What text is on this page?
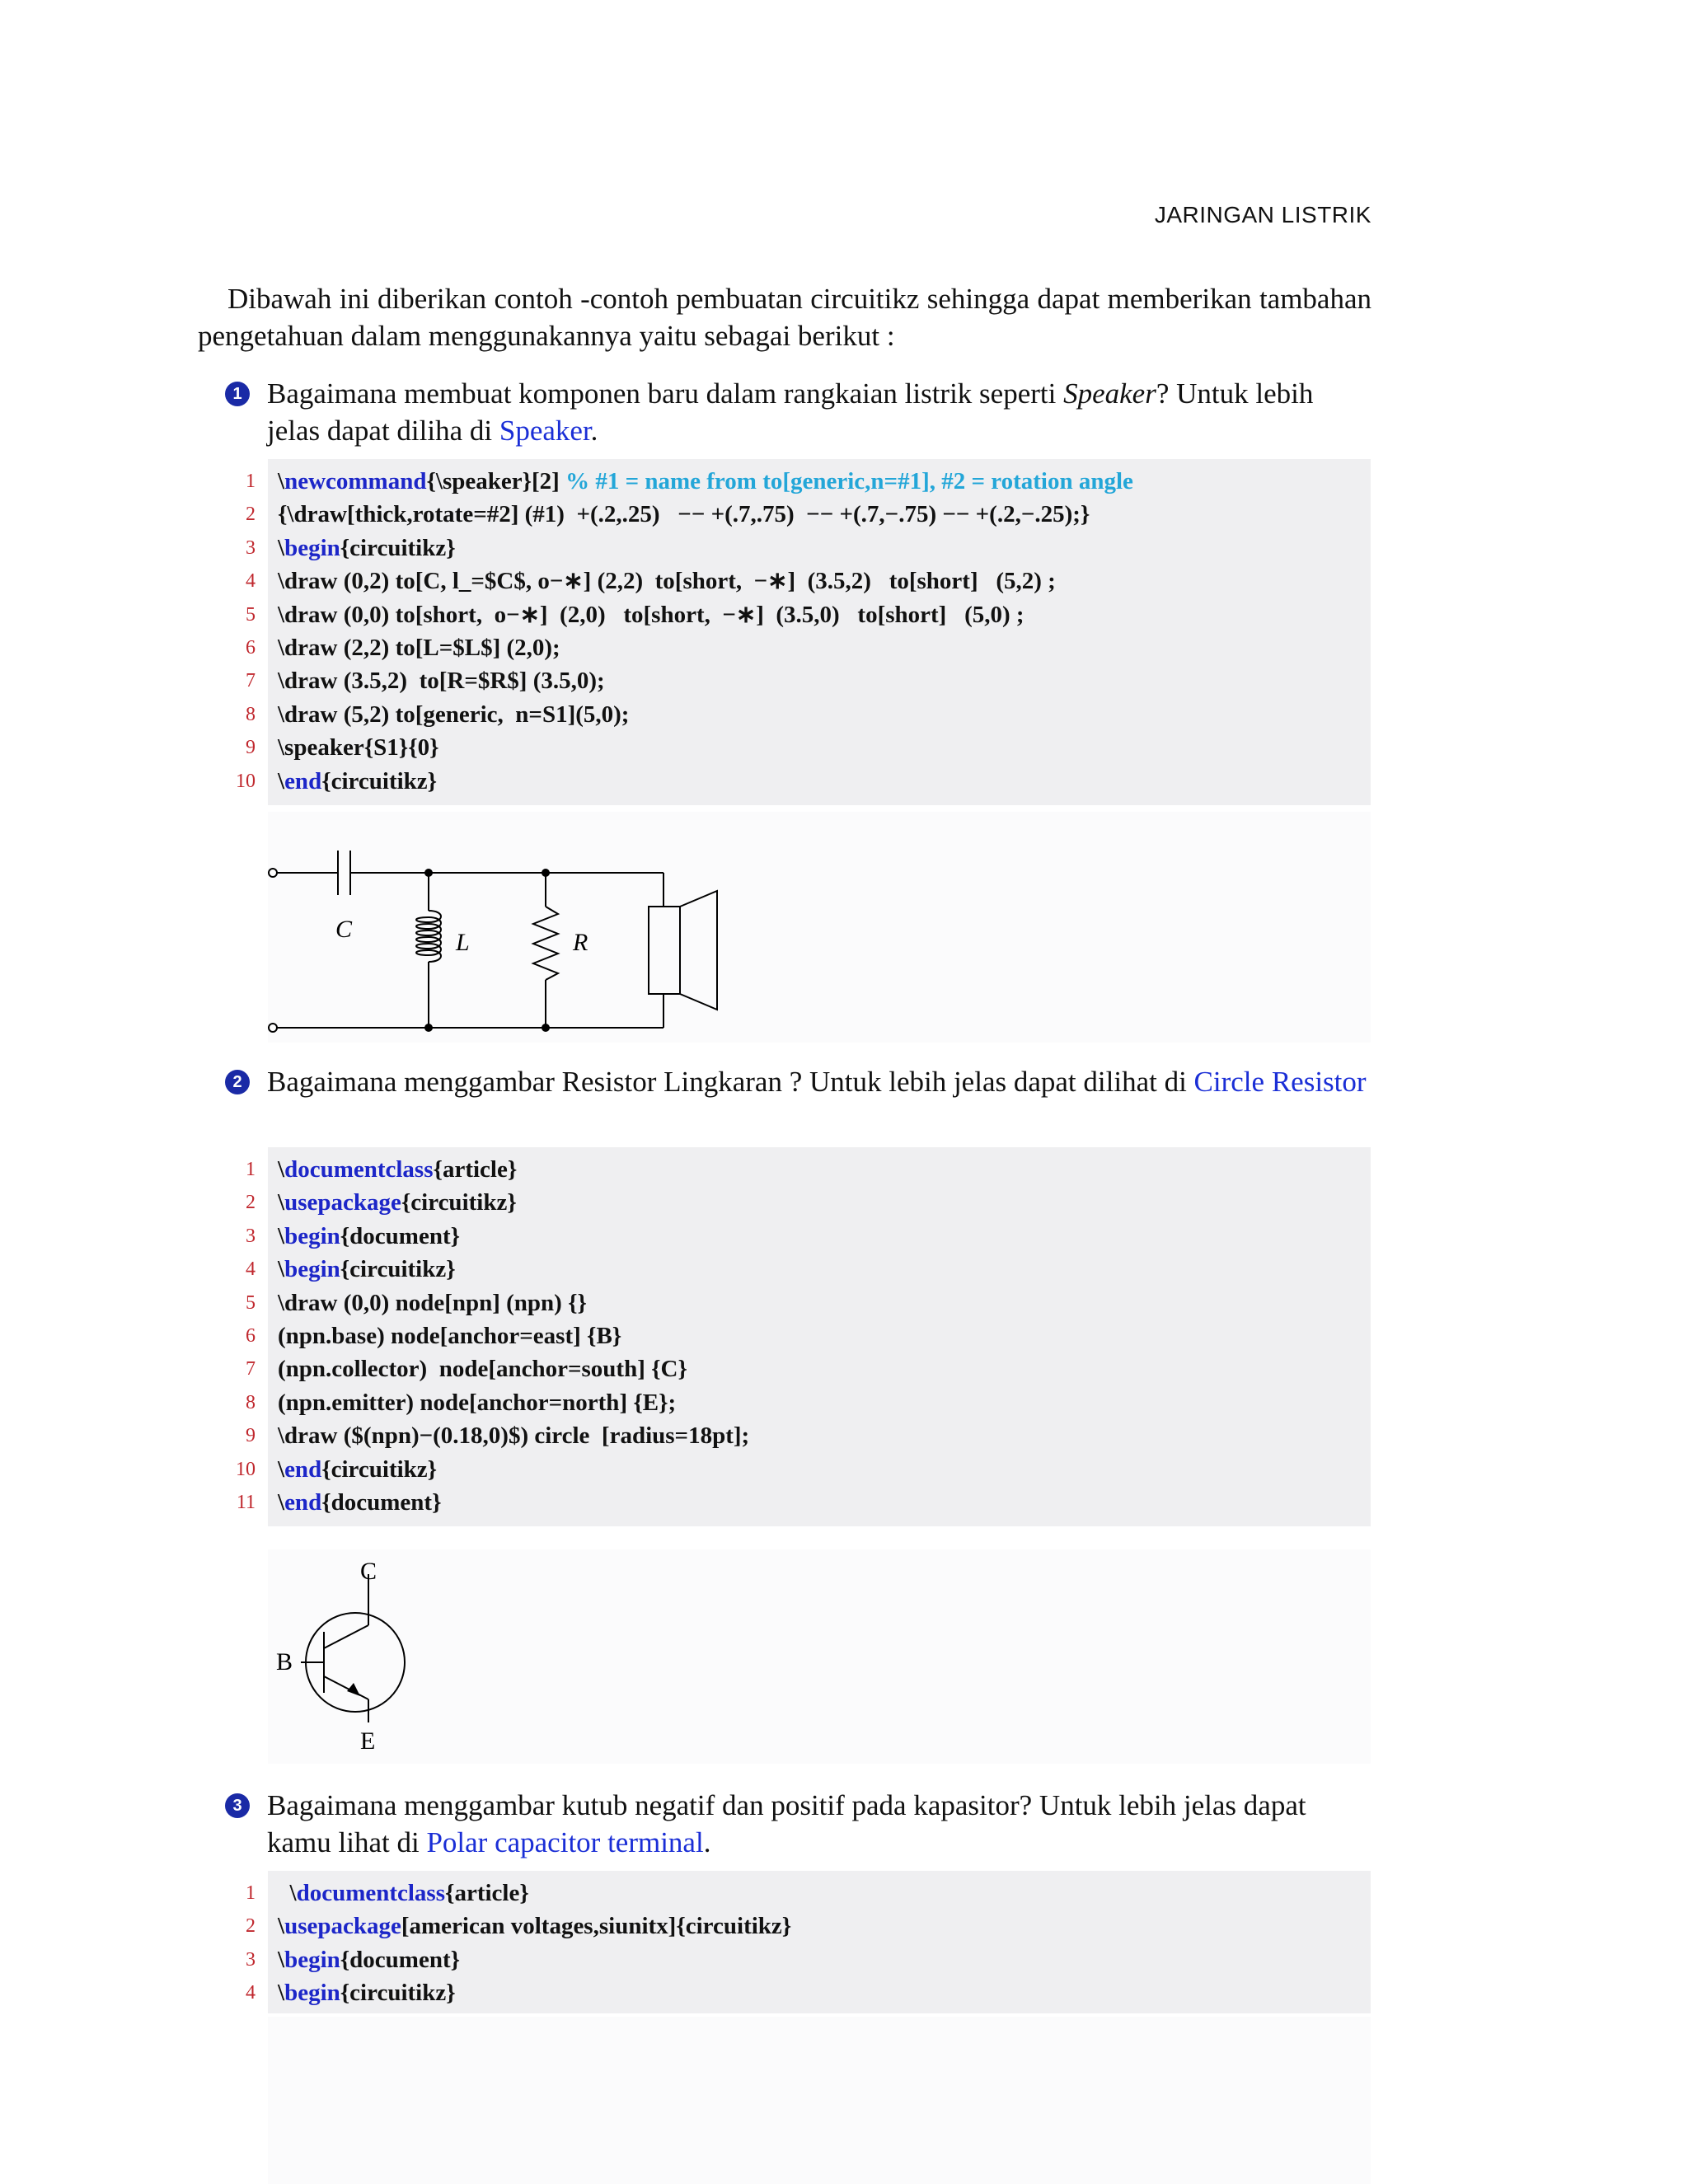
JARINGAN LISTRIK
Dibawah ini diberikan contoh -contoh pembuatan circuitikz sehingga dapat memberikan tambahan pengetahuan dalam menggunakannya yaitu sebagai berikut :
1 Bagaimana membuat komponen baru dalam rangkaian listrik seperti Speaker? Untuk lebih jelas dapat diliha di Speaker.
1 \newcommand{\speaker}[2] % #1 = name from to[generic,n=#1], #2 = rotation angle
2 {\draw[thick,rotate=#2] (#1)  +(.2,.25)   −− +(.7,.75)  −− +(.7,−.75) −− +(.2,−.25);}
3 \begin{circuitikz}
4 \draw (0,2) to[C, l_=$C$, o−∗] (2,2)  to[short,  −∗]  (3.5,2)   to[short]   (5,2) ;
5 \draw (0,0) to[short,  o−∗]  (2,0)   to[short,  −∗]  (3.5,0)   to[short]   (5,0) ;
6 \draw (2,2) to[L=$L$] (2,0);
7 \draw (3.5,2)  to[R=$R$] (3.5,0);
8 \draw (5,2) to[generic,  n=S1](5,0);
9 \speaker{S1}{0}
10 \end{circuitikz}
C	L	R
2 Bagaimana menggambar Resistor Lingkaran ? Untuk lebih jelas dapat dilihat di Circle Resistor
1 \documentclass{article}
2 \usepackage{circuitikz}
3 \begin{document}
4 \begin{circuitikz}
5 \draw (0,0) node[npn] (npn) {}
6 (npn.base) node[anchor=east] {B}
7 (npn.collector)  node[anchor=south] {C}
8 (npn.emitter) node[anchor=north] {E};
9 \draw ($(npn)−(0.18,0)$) circle  [radius=18pt];
10 \end{circuitikz}
11 \end{document}
C
B
E
3 Bagaimana menggambar kutub negatif dan positif pada kapasitor? Untuk lebih jelas dapat kamu lihat di Polar capacitor terminal.
1 \documentclass{article}
2 \usepackage[american voltages,siunitx]{circuitikz}
3 \begin{document}
4 \begin{circuitikz}
